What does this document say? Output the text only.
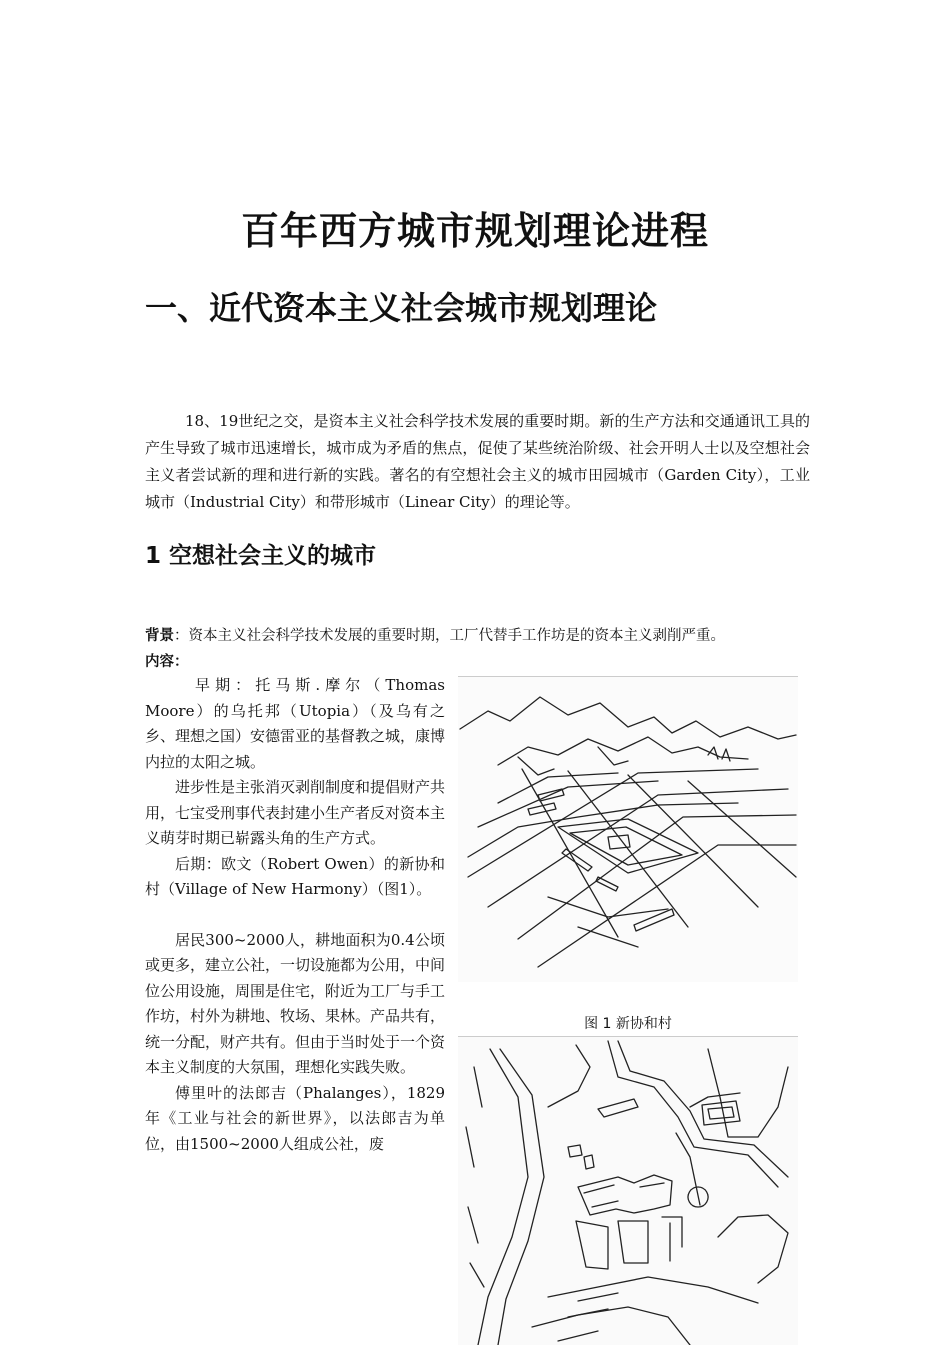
百年西方城市规划理论进程
一、近代资本主义社会城市规划理论

18、19世纪之交，是资本主义社会科学技术发展的重要时期。新的生产方法和交通通讯工具的产生导致了城市迅速增长，城市成为矛盾的焦点，促使了某些统治阶级、社会开明人士以及空想社会主义者尝试新的理和进行新的实践。著名的有空想社会主义的城市田园城市（Garden City），工业城市（Industrial City）和带形城市（Linear City）的理论等。

1 空想社会主义的城市
背景：资本主义社会科学技术发展的重要时期，工厂代替手工作坊是的资本主义剥削严重。
内容：

早期：托马斯.摩尔（Thomas Moore）的乌托邦（Utopia）（及乌有之乡、理想之国）安德雷亚的基督教之城，康博内拉的太阳之城。

进步性是主张消灭剥削制度和提倡财产共用，七宝受刑事代表封建小生产者反对资本主义萌芽时期已崭露头角的生产方式。

后期：欧文（Robert Owen）的新协和村（Village of New Harmony）（图1）。

居民300~2000人，耕地面积为0.4公顷或更多，建立公社，一切设施都为公用，中间位公用设施，周围是住宅，附近为工厂与手工作坊，村外为耕地、牧场、果林。产品共有，统一分配，财产共有。但由于当时处于一个资本主义制度的大氛围，理想化实践失败。

傅里叶的法郎吉（Phalanges），1829年《工业与社会的新世界》，以法郎吉为单位，由1500~2000人组成公社，废

图 1 新协和村
